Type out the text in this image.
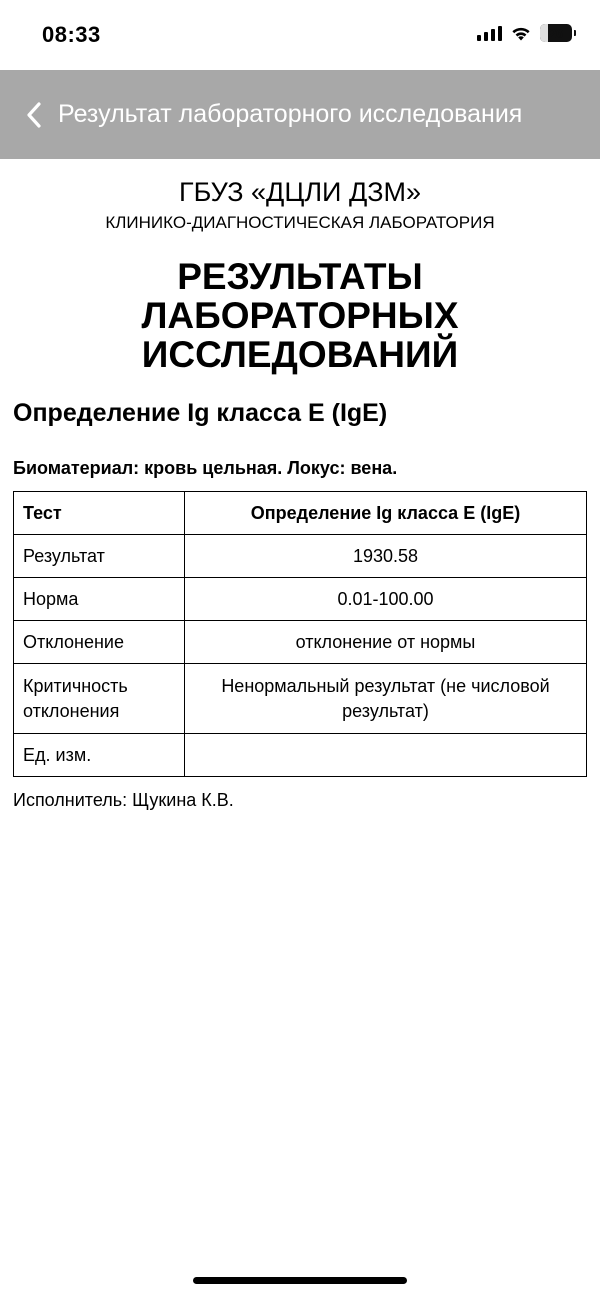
08:33	26
Результат лабораторного исследования
ГБУЗ «ДЦЛИ ДЗМ»
КЛИНИКО-ДИАГНОСТИЧЕСКАЯ ЛАБОРАТОРИЯ
РЕЗУЛЬТАТЫ ЛАБОРАТОРНЫХ ИССЛЕДОВАНИЙ
Определение Ig класса E (IgE)
Биоматериал: кровь цельная. Локус: вена.
Тест	Определение Ig класса E (IgE)
Результат	1930.58
Норма	0.01-100.00
Отклонение	отклонение от нормы
Критичность отклонения	Ненормальный результат (не числовой результат)
Ед. изм.	
Исполнитель: Щукина К.В.
